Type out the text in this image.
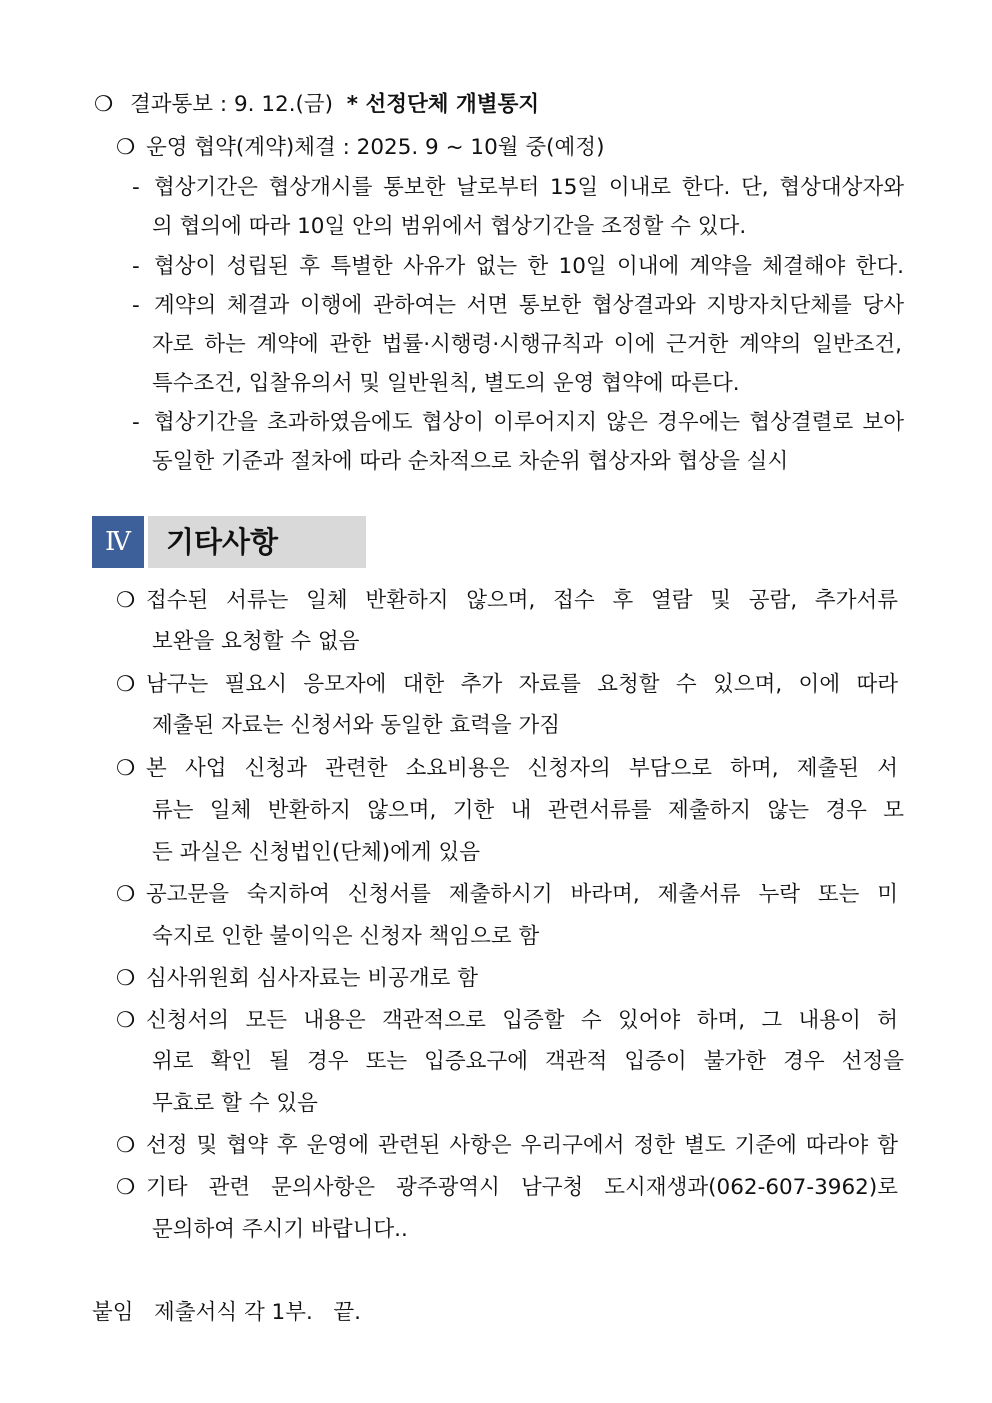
❍ 결과통보 : 9. 12.(금) * 선정단체 개별통지
❍ 운영 협약(계약)체결 : 2025. 9 ~ 10월 중(예정)
- 협상기간은 협상개시를 통보한 날로부터 15일 이내로 한다. 단, 협상대상자와
의 협의에 따라 10일 안의 범위에서 협상기간을 조정할 수 있다.
- 협상이 성립된 후 특별한 사유가 없는 한 10일 이내에 계약을 체결해야 한다.
- 계약의 체결과 이행에 관하여는 서면 통보한 협상결과와 지방자치단체를 당사
자로 하는 계약에 관한 법률·시행령·시행규칙과 이에 근거한 계약의 일반조건,
특수조건, 입찰유의서 및 일반원칙, 별도의 운영 협약에 따른다.
- 협상기간을 초과하였음에도 협상이 이루어지지 않은 경우에는 협상결렬로 보아
동일한 기준과 절차에 따라 순차적으로 차순위 협상자와 협상을 실시
Ⅳ	기타사항
❍ 접수된 서류는 일체 반환하지 않으며, 접수 후 열람 및 공람, 추가서류
보완을 요청할 수 없음
❍ 남구는 필요시 응모자에 대한 추가 자료를 요청할 수 있으며, 이에 따라
제출된 자료는 신청서와 동일한 효력을 가짐
❍ 본 사업 신청과 관련한 소요비용은 신청자의 부담으로 하며, 제출된 서
류는 일체 반환하지 않으며, 기한 내 관련서류를 제출하지 않는 경우 모
든 과실은 신청법인(단체)에게 있음
❍ 공고문을 숙지하여 신청서를 제출하시기 바라며, 제출서류 누락 또는 미
숙지로 인한 불이익은 신청자 책임으로 함
❍ 심사위원회 심사자료는 비공개로 함
❍ 신청서의 모든 내용은 객관적으로 입증할 수 있어야 하며, 그 내용이 허
위로 확인 될 경우 또는 입증요구에 객관적 입증이 불가한 경우 선정을
무효로 할 수 있음
❍ 선정 및 협약 후 운영에 관련된 사항은 우리구에서 정한 별도 기준에 따라야 함
❍ 기타 관련 문의사항은 광주광역시 남구청 도시재생과(062-607-3962)로
문의하여 주시기 바랍니다..
붙임   제출서식 각 1부.   끝.
